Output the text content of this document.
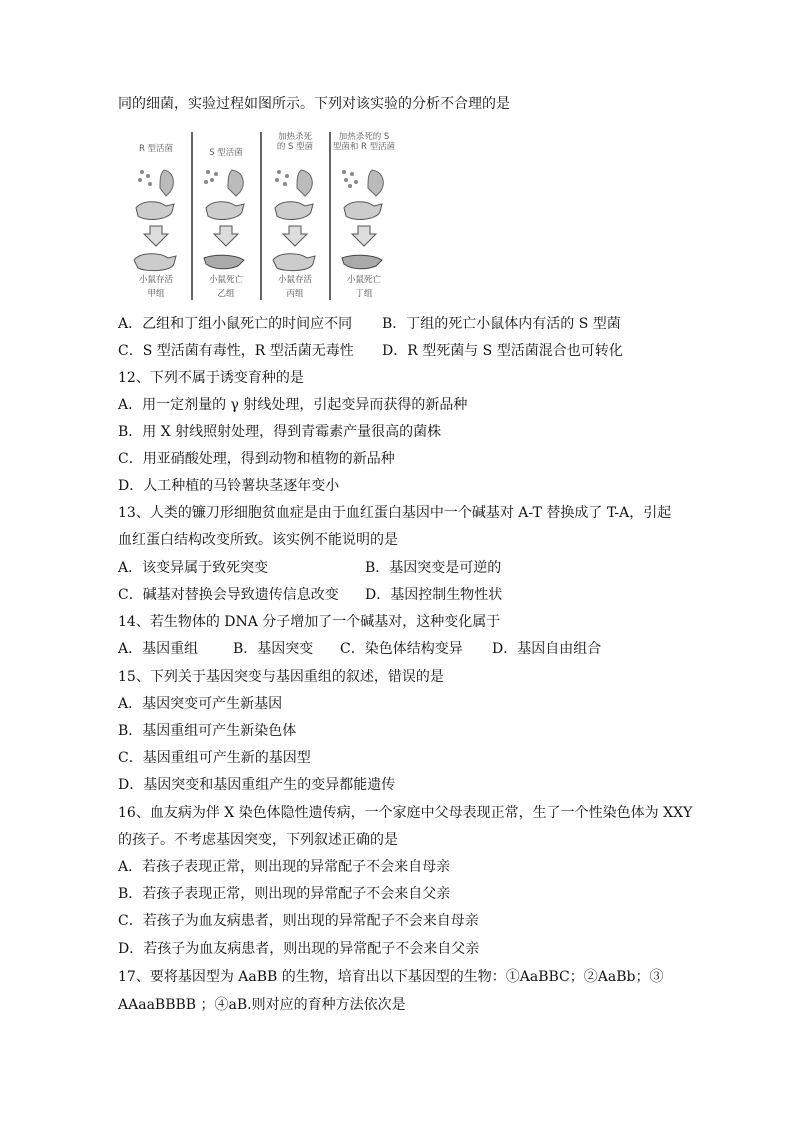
同的细菌，实验过程如图所示。下列对该实验的分析不合理的是
R 型活菌
小鼠存活
甲组
S 型活菌
小鼠死亡
乙组
加热杀死
的 S 型菌
小鼠存活
丙组
加热杀死的 S
型菌和 R 型活菌
小鼠死亡
丁组
A．乙组和丁组小鼠死亡的时间应不同 B．丁组的死亡小鼠体内有活的 S 型菌
C．S 型活菌有毒性，R 型活菌无毒性 D．R 型死菌与 S 型活菌混合也可转化
12、下列不属于诱变育种的是
A．用一定剂量的 γ 射线处理，引起变异而获得的新品种
B．用 X 射线照射处理，得到青霉素产量很高的菌株
C．用亚硝酸处理，得到动物和植物的新品种
D．人工种植的马铃薯块茎逐年变小
13、人类的镰刀形细胞贫血症是由于血红蛋白基因中一个碱基对 A-T 替换成了 T-A，引起
血红蛋白结构改变所致。该实例不能说明的是
A．该变异属于致死突变	B．基因突变是可逆的
C．碱基对替换会导致遗传信息改变 D．基因控制生物性状
14、若生物体的 DNA 分子增加了一个碱基对，这种变化属于
A．基因重组 B．基因突变 C．染色体结构变异 D．基因自由组合
15、下列关于基因突变与基因重组的叙述，错误的是
A．基因突变可产生新基因
B．基因重组可产生新染色体
C．基因重组可产生新的基因型
D．基因突变和基因重组产生的变异都能遗传
16、血友病为伴 X 染色体隐性遗传病，一个家庭中父母表现正常，生了一个性染色体为 XXY
的孩子。不考虑基因突变，下列叙述正确的是
A．若孩子表现正常，则出现的异常配子不会来自母亲
B．若孩子表现正常，则出现的异常配子不会来自父亲
C．若孩子为血友病患者，则出现的异常配子不会来自母亲
D．若孩子为血友病患者，则出现的异常配子不会来自父亲
17、要将基因型为 AaBB 的生物，培育出以下基因型的生物：①AaBBC；②AaBb；③
AAaaBBBB ；④aB.则对应的育种方法依次是
